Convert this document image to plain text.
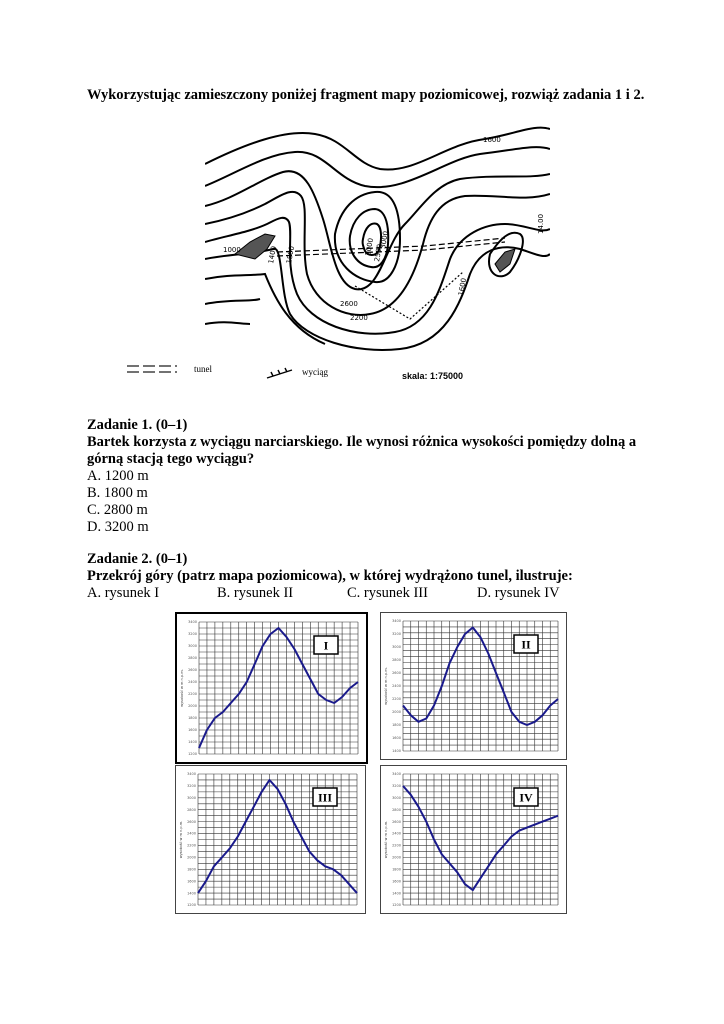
Wykorzystując zamieszczony poniżej fragment mapy poziomicowej, rozwiąż zadania 1 i 2.
1600
14.00
1000	1400 1800	2000
2500
3000
2600
2200
1600
tunel	wyciąg	skala: 1:75000
Zadanie 1. (0–1)
Bartek korzysta z wyciągu narciarskiego. Ile wynosi różnica wysokości pomiędzy dolną a górną stacją tego wyciągu?
A. 1200 m
B. 1800 m
C. 2800 m
D. 3200 m
Zadanie 2. (0–1)
Przekrój góry (patrz mapa poziomicowa), w której wydrążono tunel, ilustruje:
A. rysunek I	B. rysunek II	C. rysunek III	D. rysunek IV
3400
3200
3000
2800
2600
2400
2200
2000
1800
1600
1400
1200
wysokość w m n.p.m.
I
3400
3200
3000
2800
2600
2400
2200
2000
1800
1600
1400
wysokość w m n.p.m.
II
3400
3200
3000
2800
2600
2400
2200
2000
1800
1600
1400
1200
wysokość w m n.p.m.
III
3400
3200
3000
2800
2600
2400
2200
2000
1800
1600
1400
1200
wysokość w m n.p.m.
IV
